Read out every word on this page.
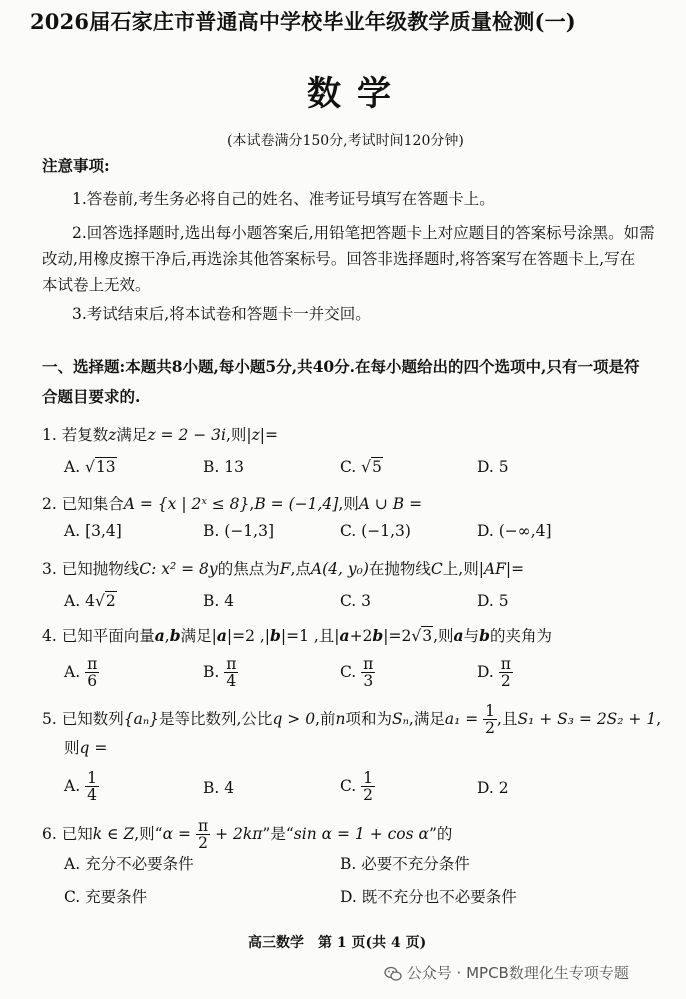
2026届石家庄市普通高中学校毕业年级教学质量检测(一)
数学
(本试卷满分150分,考试时间120分钟)
注意事项:
1.答卷前,考生务必将自己的姓名、准考证号填写在答题卡上。
2.回答选择题时,选出每小题答案后,用铅笔把答题卡上对应题目的答案标号涂黑。如需
改动,用橡皮擦干净后,再选涂其他答案标号。回答非选择题时,将答案写在答题卡上,写在
本试卷上无效。
3.考试结束后,将本试卷和答题卡一并交回。
一、选择题:本题共8小题,每小题5分,共40分.在每小题给出的四个选项中,只有一项是符
合题目要求的.
1. 若复数z满足z = 2 − 3i,则|z|=
A. √13	B. 13	C. √5	D. 5
2. 已知集合A = {x | 2ˣ ≤ 8},B = (−1,4],则A ∪ B =
A. [3,4]	B. (−1,3]	C. (−1,3)	D. (−∞,4]
3. 已知抛物线C: x² = 8y的焦点为F,点A(4, y₀)在抛物线C上,则|AF|=
A. 4√2	B. 4	C. 3	D. 5
4. 已知平面向量a,b满足|a|=2 ,|b|=1 ,且|a+2b|=2√3,则a与b的夹角为
A. $\frac{\pi}{6}$	B. $\frac{\pi}{4}$	C. $\frac{\pi}{3}$	D. $\frac{\pi}{2}$
5. 已知数列{aₙ}是等比数列,公比q > 0,前n项和为Sₙ,满足$a_1 = \frac{1}{2}$ ,且S₁ + S₃ = 2S₂ + 1,
则q =
A. $\frac{1}{4}$	B. 4	C. $\frac{1}{2}$	D. 2
6. 已知k ∈ Z,则“$\alpha = \frac{\pi}{2} + 2k\pi$”是“sin α = 1 + cos α”的
A. 充分不必要条件	B. 必要不充分条件
C. 充要条件	D. 既不充分也不必要条件
高三数学　第 1 页(共 4 页)
公众号 · MPCB数理化生专项专题
